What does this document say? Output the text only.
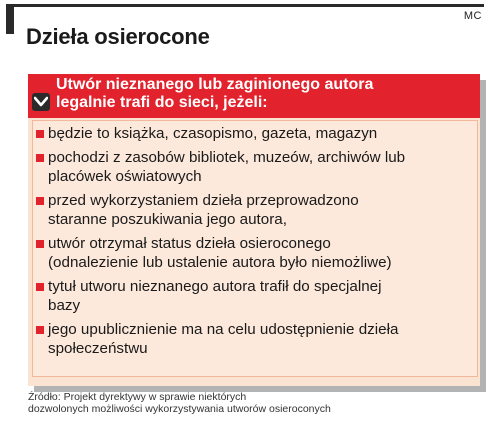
MC
Dzieła osierocone
Utwór nieznanego lub zaginionego autora
legalnie trafi do sieci, jeżeli:
będzie to książka, czasopismo, gazeta, magazyn
pochodzi z zasobów bibliotek, muzeów, archiwów lub
placówek oświatowych
przed wykorzystaniem dzieła przeprowadzono
staranne poszukiwania jego autora,
utwór otrzymał status dzieła osieroconego
(odnalezienie lub ustalenie autora było niemożliwe)
tytuł utworu nieznanego autora trafił do specjalnej
bazy
jego upublicznienie ma na celu udostępnienie dzieła
społeczeństwu
Źródło: Projekt dyrektywy w sprawie niektórych
dozwolonych możliwości wykorzystywania utworów osieroconych
